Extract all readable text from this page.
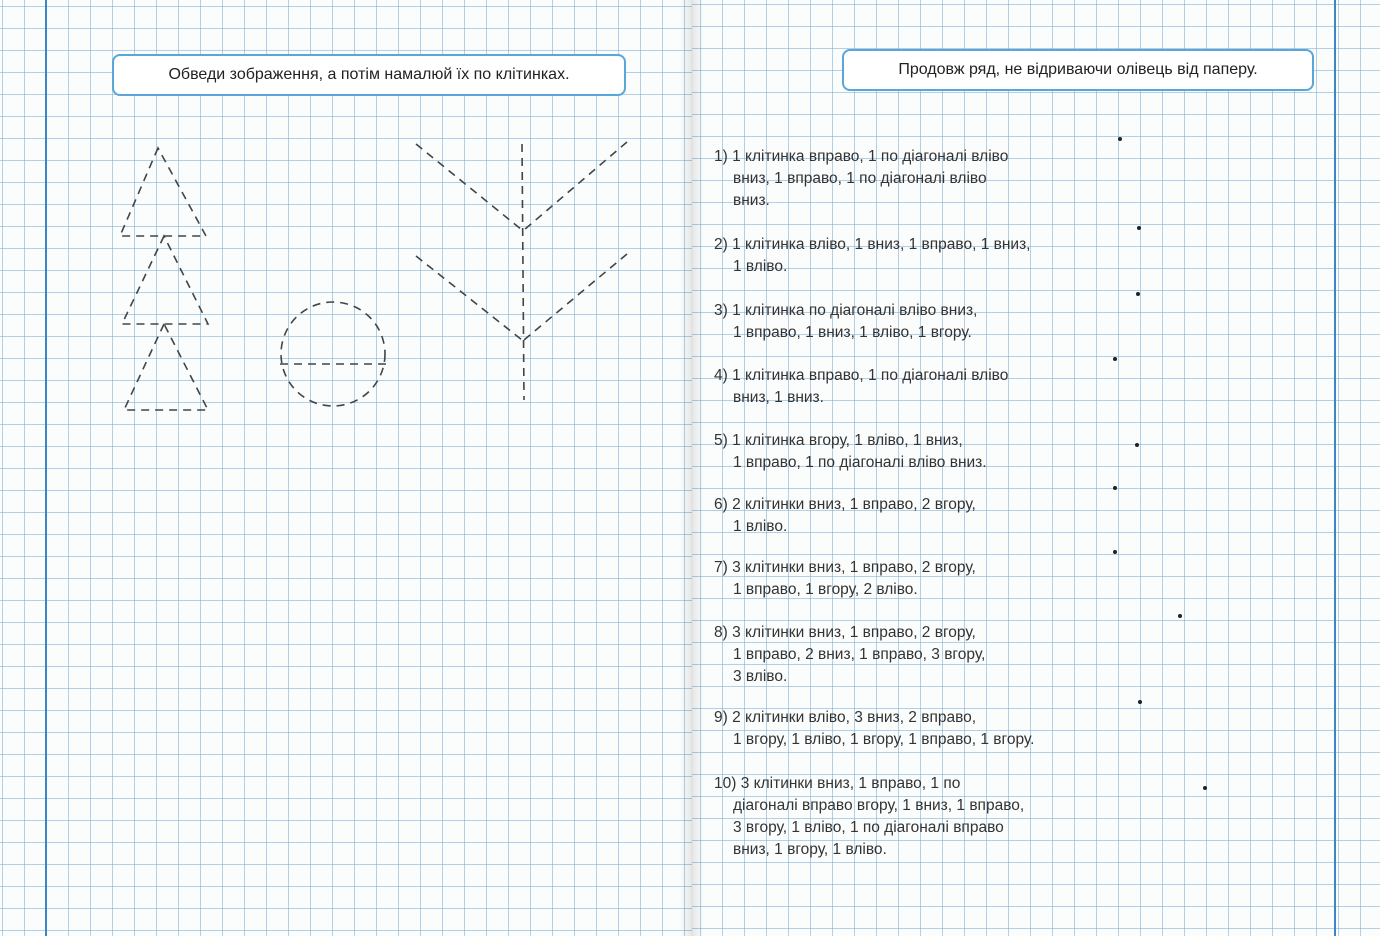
Обведи зображення, а потім намалюй їх по клітинках.	Продовж ряд, не відриваючи олівець від паперу.
1) 1 клітинка вправо, 1 по діагоналі вліво
вниз, 1 вправо, 1 по діагоналі вліво
вниз.
2) 1 клітинка вліво, 1 вниз, 1 вправо, 1 вниз,
1 вліво.
3) 1 клітинка по діагоналі вліво вниз,
1 вправо, 1 вниз, 1 вліво, 1 вгору.
4) 1 клітинка вправо, 1 по діагоналі вліво
вниз, 1 вниз.
5) 1 клітинка вгору, 1 вліво, 1 вниз,
1 вправо, 1 по діагоналі вліво вниз.
6) 2 клітинки вниз, 1 вправо, 2 вгору,
1 вліво.
7) 3 клітинки вниз, 1 вправо, 2 вгору,
1 вправо, 1 вгору, 2 вліво.
8) 3 клітинки вниз, 1 вправо, 2 вгору,
1 вправо, 2 вниз, 1 вправо, 3 вгору,
3 вліво.
9) 2 клітинки вліво, 3 вниз, 2 вправо,
1 вгору, 1 вліво, 1 вгору, 1 вправо, 1 вгору.
10) 3 клітинки вниз, 1 вправо, 1 по
діагоналі вправо вгору, 1 вниз, 1 вправо,
3 вгору, 1 вліво, 1 по діагоналі вправо
вниз, 1 вгору, 1 вліво.
